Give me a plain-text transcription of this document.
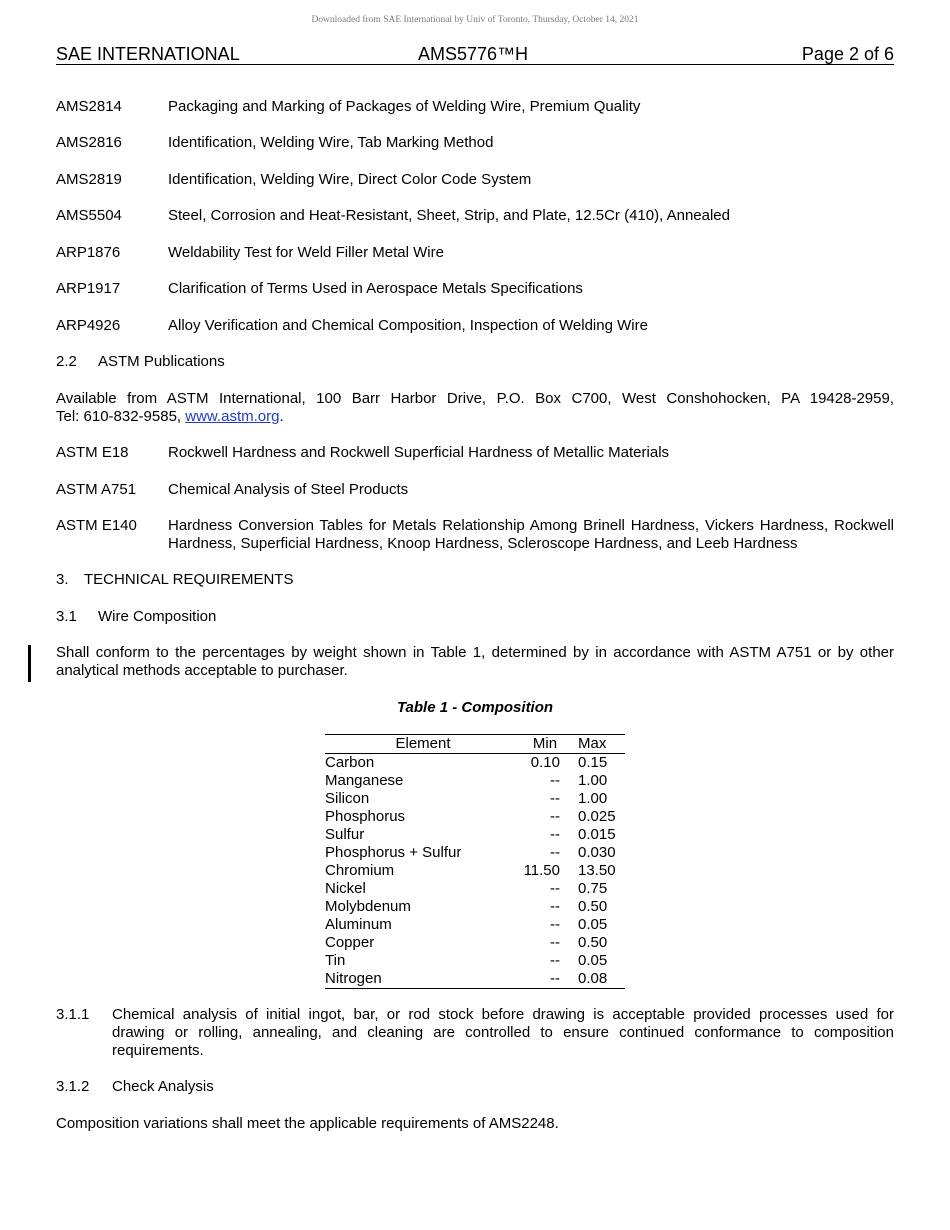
Downloaded from SAE International by Univ of Toronto, Thursday, October 14, 2021
SAE INTERNATIONAL	AMS5776™H	Page 2 of 6
AMS2814	Packaging and Marking of Packages of Welding Wire, Premium Quality
AMS2816	Identification, Welding Wire, Tab Marking Method
AMS2819	Identification, Welding Wire, Direct Color Code System
AMS5504	Steel, Corrosion and Heat-Resistant, Sheet, Strip, and Plate, 12.5Cr (410), Annealed
ARP1876	Weldability Test for Weld Filler Metal Wire
ARP1917	Clarification of Terms Used in Aerospace Metals Specifications
ARP4926	Alloy Verification and Chemical Composition, Inspection of Welding Wire
2.2 ASTM Publications
Available from ASTM International, 100 Barr Harbor Drive, P.O. Box C700, West Conshohocken, PA 19428-2959,
Tel: 610-832-9585, www.astm.org.
ASTM E18	Rockwell Hardness and Rockwell Superficial Hardness of Metallic Materials
ASTM A751 Chemical Analysis of Steel Products
ASTM E140 Hardness Conversion Tables for Metals Relationship Among Brinell Hardness, Vickers Hardness, Rockwell
Hardness, Superficial Hardness, Knoop Hardness, Scleroscope Hardness, and Leeb Hardness
3. TECHNICAL REQUIREMENTS
3.1 Wire Composition
Shall conform to the percentages by weight shown in Table 1, determined by in accordance with ASTM A751 or by other
analytical methods acceptable to purchaser.
Table 1 - Composition
Element	Min	Max
Carbon	0.10 0.15
Manganese	-- 1.00
Silicon	-- 1.00
Phosphorus	-- 0.025
Sulfur	-- 0.015
Phosphorus + Sulfur	-- 0.030
Chromium	11.50 13.50
Nickel	-- 0.75
Molybdenum	-- 0.50
Aluminum	-- 0.05
Copper	-- 0.50
Tin	-- 0.05
Nitrogen	-- 0.08
3.1.1 Chemical analysis of initial ingot, bar, or rod stock before drawing is acceptable provided processes used for
drawing or rolling, annealing, and cleaning are controlled to ensure continued conformance to composition
requirements.
3.1.2 Check Analysis
Composition variations shall meet the applicable requirements of AMS2248.
